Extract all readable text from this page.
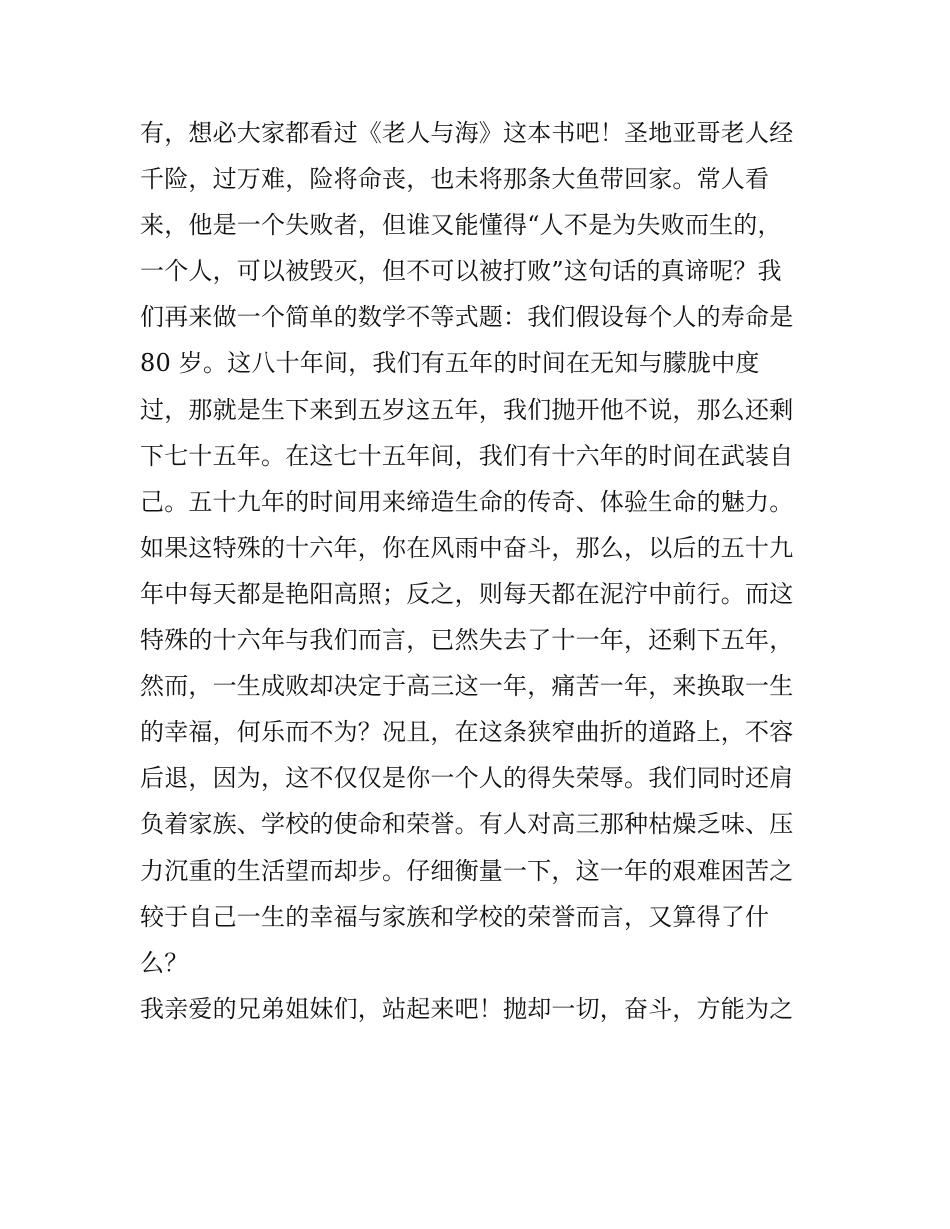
有，想必大家都看过《老人与海》这本书吧！圣地亚哥老人经
千险，过万难，险将命丧，也未将那条大鱼带回家。常人看
来，他是一个失败者，但谁又能懂得“人不是为失败而生的，
一个人，可以被毁灭，但不可以被打败”这句话的真谛呢？我
们再来做一个简单的数学不等式题：我们假设每个人的寿命是
80 岁。这八十年间，我们有五年的时间在无知与朦胧中度
过，那就是生下来到五岁这五年，我们抛开他不说，那么还剩
下七十五年。在这七十五年间，我们有十六年的时间在武装自
己。五十九年的时间用来缔造生命的传奇、体验生命的魅力。
如果这特殊的十六年，你在风雨中奋斗，那么，以后的五十九
年中每天都是艳阳高照；反之，则每天都在泥泞中前行。而这
特殊的十六年与我们而言，已然失去了十一年，还剩下五年，
然而，一生成败却决定于高三这一年，痛苦一年，来换取一生
的幸福，何乐而不为？况且，在这条狭窄曲折的道路上，不容
后退，因为，这不仅仅是你一个人的得失荣辱。我们同时还肩
负着家族、学校的使命和荣誉。有人对高三那种枯燥乏味、压
力沉重的生活望而却步。仔细衡量一下，这一年的艰难困苦之
较于自己一生的幸福与家族和学校的荣誉而言，又算得了什
么？
我亲爱的兄弟姐妹们，站起来吧！抛却一切，奋斗，方能为之
